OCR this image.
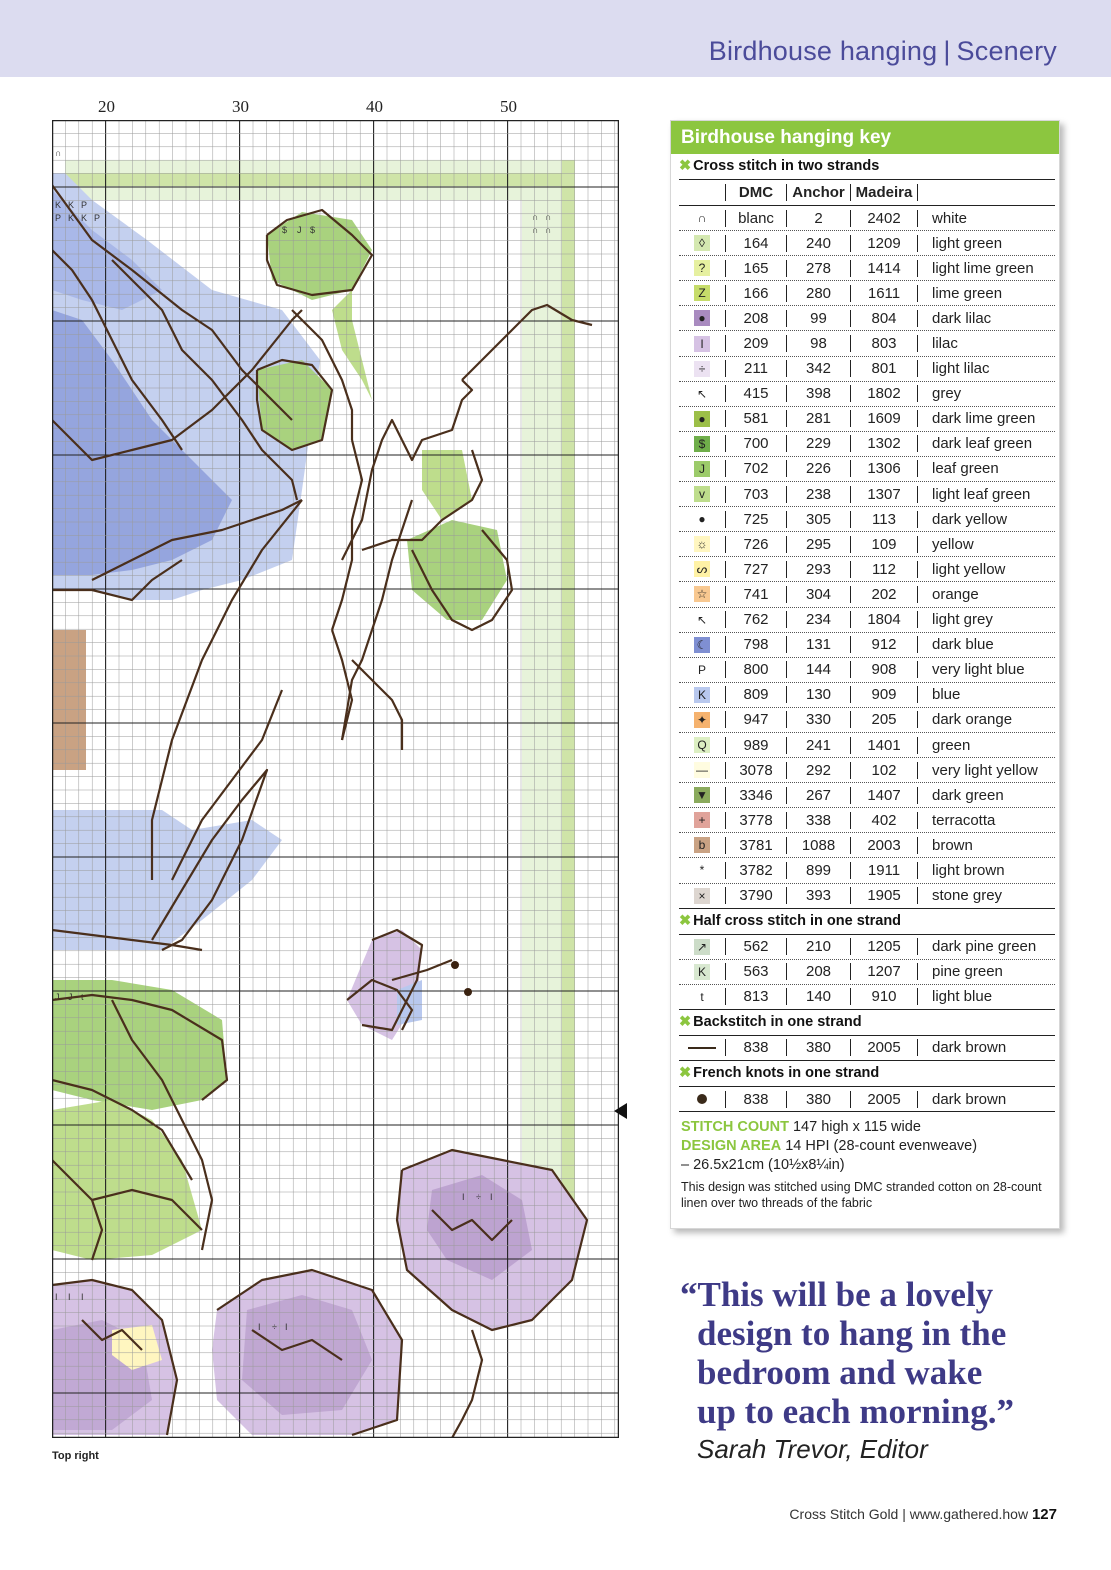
Birdhouse hanging | Scenery
20	30	40	50
∩
K K P
P K K P	∩ ∩
∩ ∩
$ J $
I I I
I ÷ I
I ÷ I
J J t
Top right
Birdhouse hanging key
✖ Cross stitch in two strands
DMC	Anchor Madeira
∩	blanc	2	2402	white
◊	164	240	1209	light green
?	165	278	1414	light lime green
Z	166	280	1611	lime green
●	208	99	804	dark lilac
I	209	98	803	lilac
÷	211	342	801	light lilac
↖	415	398	1802	grey
●	581	281	1609	dark lime green
$	700	229	1302	dark leaf green
J	702	226	1306	leaf green
v	703	238	1307	light leaf green
●	725	305	113	dark yellow
☼	726	295	109	yellow
ᔕ	727	293	112	light yellow
☆	741	304	202	orange
↖	762	234	1804	light grey
☾	798	131	912	dark blue
P	800	144	908	very light blue
K	809	130	909	blue
✦	947	330	205	dark orange
Q	989	241	1401	green
—	3078	292	102	very light yellow
▼	3346	267	1407	dark green
+	3778	338	402	terracotta
b	3781	1088	2003	brown
*	3782	899	1911	light brown
×	3790	393	1905	stone grey
✖ Half cross stitch in one strand
↗	562	210	1205	dark pine green
K	563	208	1207	pine green
t	813	140	910	light blue
✖ Backstitch in one strand
838	380	2005	dark brown
✖ French knots in one strand
838	380	2005	dark brown
STITCH COUNT 147 high x 115 wide
DESIGN AREA 14 HPI (28-count evenweave)
– 26.5x21cm (10½x8¼in)
This design was stitched using DMC stranded cotton on 28-count linen over two threads of the fabric
“This will be a lovely
design to hang in the
bedroom and wake
up to each morning.”
Sarah Trevor, Editor
Cross Stitch Gold | www.gathered.how 127
